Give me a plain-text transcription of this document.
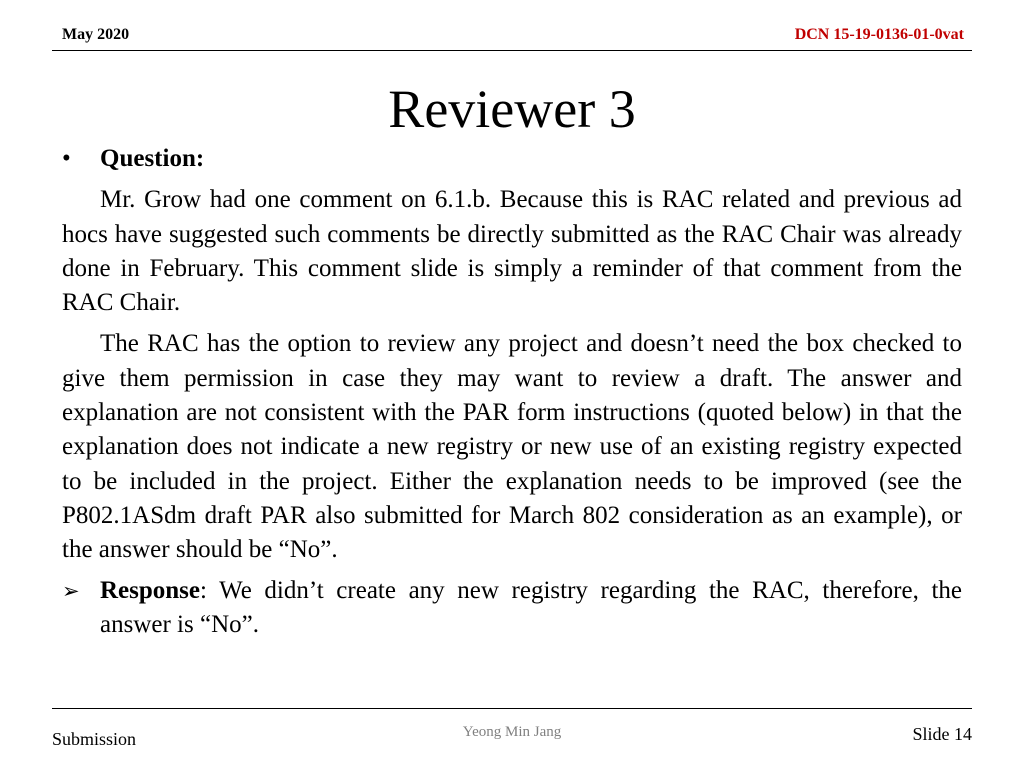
May 2020	DCN 15-19-0136-01-0vat
Reviewer 3
• Question:
Mr. Grow had one comment on 6.1.b. Because this is RAC related and previous ad hocs have suggested such comments be directly submitted as the RAC Chair was already done in February. This comment slide is simply a reminder of that comment from the RAC Chair.
The RAC has the option to review any project and doesn’t need the box checked to give them permission in case they may want to review a draft. The answer and explanation are not consistent with the PAR form instructions (quoted below) in that the explanation does not indicate a new registry or new use of an existing registry expected to be included in the project. Either the explanation needs to be improved (see the P802.1ASdm draft PAR also submitted for March 802 consideration as an example), or the answer should be “No”.
➢ Response: We didn’t create any new registry regarding the RAC, therefore, the answer is “No”.
Submission	Yeong Min Jang	Slide 14
